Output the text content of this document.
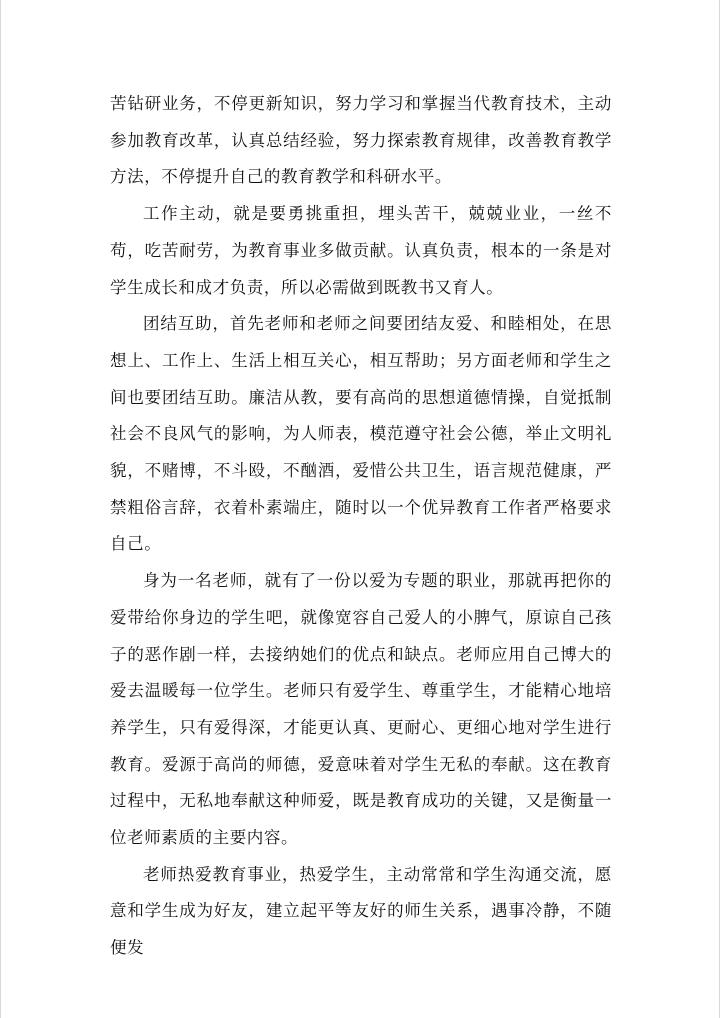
苦钻研业务，不停更新知识，努力学习和掌握当代教育技术，主动参加教育改革，认真总结经验，努力探索教育规律，改善教育教学方法，不停提升自己的教育教学和科研水平。

工作主动，就是要勇挑重担，埋头苦干，兢兢业业，一丝不苟，吃苦耐劳，为教育事业多做贡献。认真负责，根本的一条是对学生成长和成才负责，所以必需做到既教书又育人。

团结互助，首先老师和老师之间要团结友爱、和睦相处，在思想上、工作上、生活上相互关心，相互帮助；另方面老师和学生之间也要团结互助。廉洁从教，要有高尚的思想道德情操，自觉抵制社会不良风气的影响，为人师表，模范遵守社会公德，举止文明礼貌，不赌博，不斗殴，不酗酒，爱惜公共卫生，语言规范健康，严禁粗俗言辞，衣着朴素端庄，随时以一个优异教育工作者严格要求自己。

身为一名老师，就有了一份以爱为专题的职业，那就再把你的爱带给你身边的学生吧，就像宽容自己爱人的小脾气，原谅自己孩子的恶作剧一样，去接纳她们的优点和缺点。老师应用自己博大的爱去温暖每一位学生。老师只有爱学生、尊重学生，才能精心地培养学生，只有爱得深，才能更认真、更耐心、更细心地对学生进行教育。爱源于高尚的师德，爱意味着对学生无私的奉献。这在教育过程中，无私地奉献这种师爱，既是教育成功的关键，又是衡量一位老师素质的主要内容。

老师热爱教育事业，热爱学生，主动常常和学生沟通交流，愿意和学生成为好友，建立起平等友好的师生关系，遇事冷静，不随便发
